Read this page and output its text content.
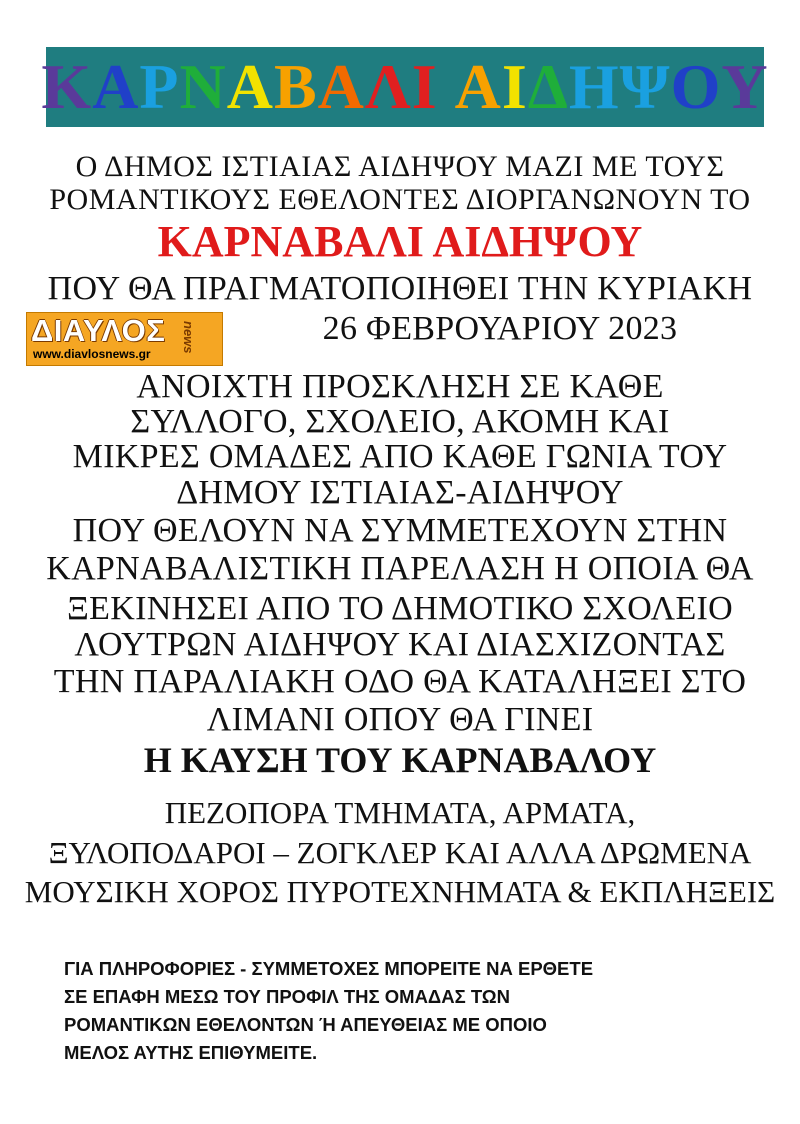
ΚΑΡΝΑΒΑΛΙ ΑΙΔΗΨΟΥ
Ο ΔΗΜΟΣ ΙΣΤΙΑΙΑΣ ΑΙΔΗΨΟΥ ΜΑΖΙ ΜΕ ΤΟΥΣ
ΡΟΜΑΝΤΙΚΟΥΣ ΕΘΕΛΟΝΤΕΣ ΔΙΟΡΓΑΝΩΝΟΥΝ ΤΟ
ΚΑΡΝΑΒΑΛΙ ΑΙΔΗΨΟΥ
ΠΟΥ ΘΑ ΠΡΑΓΜΑΤΟΠΟΙΗΘΕΙ ΤΗΝ ΚΥΡΙΑΚΗ
26 ΦΕΒΡΟΥΑΡΙΟΥ 2023
ΔΙΑΥΛΟΣ news
www.diavlosnews.gr
ΑΝΟΙΧΤΗ ΠΡΟΣΚΛΗΣΗ ΣΕ ΚΑΘΕ
ΣΥΛΛΟΓΟ, ΣΧΟΛΕΙΟ, ΑΚΟΜΗ ΚΑΙ
ΜΙΚΡΕΣ ΟΜΑΔΕΣ ΑΠΟ ΚΑΘΕ ΓΩΝΙΑ ΤΟΥ
ΔΗΜΟΥ ΙΣΤΙΑΙΑΣ-ΑΙΔΗΨΟΥ
ΠΟΥ ΘΕΛΟΥΝ ΝΑ ΣΥΜΜΕΤΕΧΟΥΝ ΣΤΗΝ
ΚΑΡΝΑΒΑΛΙΣΤΙΚΗ ΠΑΡΕΛΑΣΗ Η ΟΠΟΙΑ ΘΑ
ΞΕΚΙΝΗΣΕΙ ΑΠΟ ΤΟ ΔΗΜΟΤΙΚΟ ΣΧΟΛΕΙΟ
ΛΟΥΤΡΩΝ ΑΙΔΗΨΟΥ ΚΑΙ ΔΙΑΣΧΙΖΟΝΤΑΣ
ΤΗΝ ΠΑΡΑΛΙΑΚΗ ΟΔΟ ΘΑ ΚΑΤΑΛΗΞΕΙ ΣΤΟ
ΛΙΜΑΝΙ ΟΠΟΥ ΘΑ ΓΙΝΕΙ
Η ΚΑΥΣΗ ΤΟΥ ΚΑΡΝΑΒΑΛΟΥ
ΠΕΖΟΠΟΡΑ ΤΜΗΜΑΤΑ, ΑΡΜΑΤΑ,
ΞΥΛΟΠΟΔΑΡΟΙ – ΖΟΓΚΛΕΡ ΚΑΙ ΑΛΛΑ ΔΡΩΜΕΝΑ
ΜΟΥΣΙΚΗ ΧΟΡΟΣ ΠΥΡΟΤΕΧΝΗΜΑΤΑ & ΕΚΠΛΗΞΕΙΣ
ΓΙΑ ΠΛΗΡΟΦΟΡΙΕΣ - ΣΥΜΜΕΤΟΧΕΣ ΜΠΟΡΕΙΤΕ ΝΑ ΕΡΘΕΤΕ
ΣΕ ΕΠΑΦΗ ΜΕΣΩ ΤΟΥ ΠΡΟΦΙΛ ΤΗΣ ΟΜΑΔΑΣ ΤΩΝ
ΡΟΜΑΝΤΙΚΩΝ ΕΘΕΛΟΝΤΩΝ Ή ΑΠΕΥΘΕΙΑΣ ΜΕ ΟΠΟΙΟ
ΜΕΛΟΣ ΑΥΤΗΣ ΕΠΙΘΥΜΕΙΤΕ.
